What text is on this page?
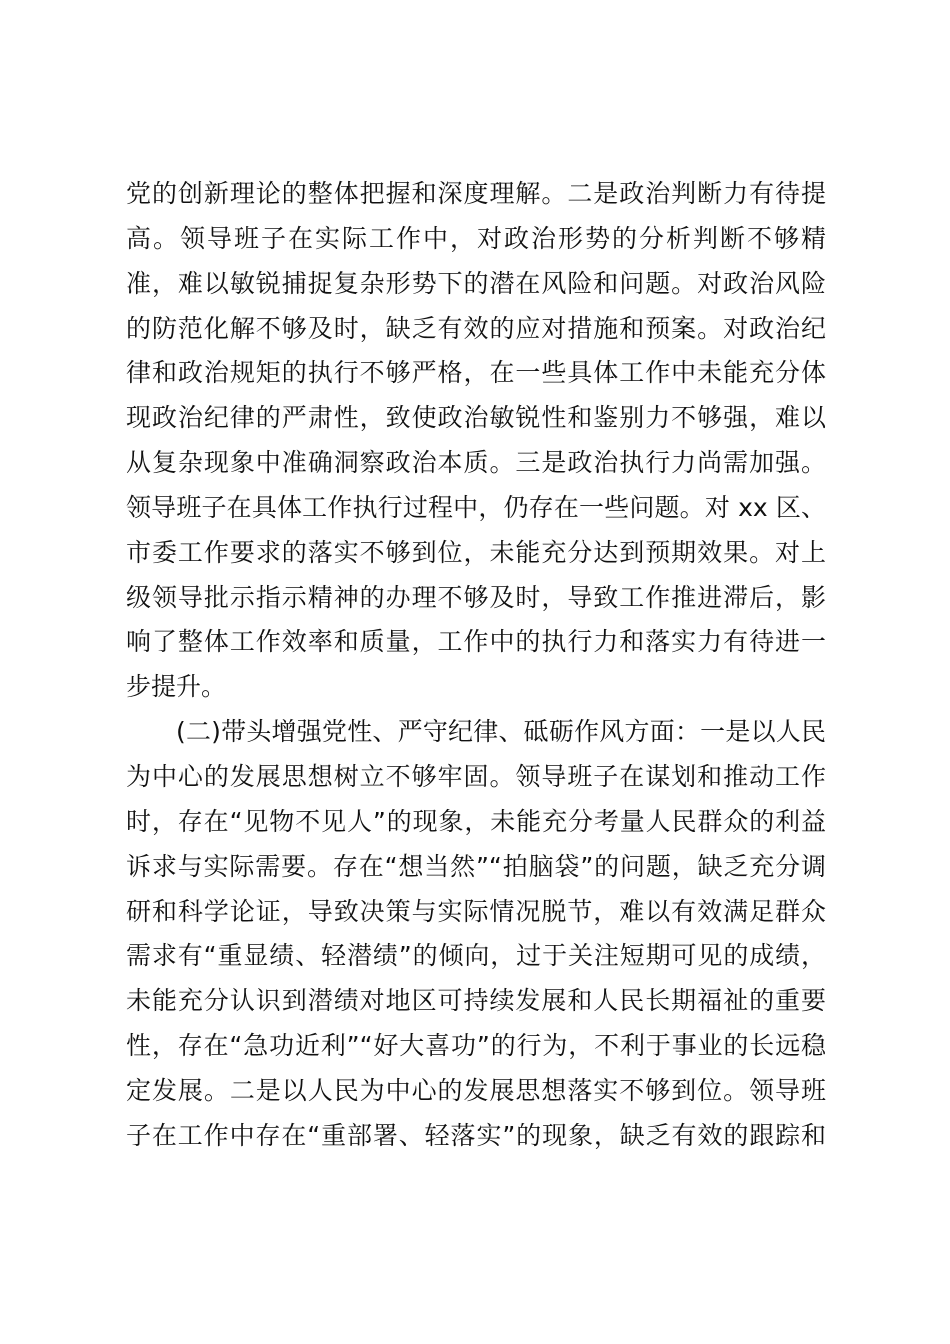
党的创新理论的整体把握和深度理解。二是政治判断力有待提
高。领导班子在实际工作中，对政治形势的分析判断不够精
准，难以敏锐捕捉复杂形势下的潜在风险和问题。对政治风险
的防范化解不够及时，缺乏有效的应对措施和预案。对政治纪
律和政治规矩的执行不够严格，在一些具体工作中未能充分体
现政治纪律的严肃性，致使政治敏锐性和鉴别力不够强，难以
从复杂现象中准确洞察政治本质。三是政治执行力尚需加强。
领导班子在具体工作执行过程中，仍存在一些问题。对 xx 区、
市委工作要求的落实不够到位，未能充分达到预期效果。对上
级领导批示指示精神的办理不够及时，导致工作推进滞后，影
响了整体工作效率和质量，工作中的执行力和落实力有待进一
步提升。
(二)带头增强党性、严守纪律、砥砺作风方面：一是以人民
为中心的发展思想树立不够牢固。领导班子在谋划和推动工作
时，存在“见物不见人”的现象，未能充分考量人民群众的利益
诉求与实际需要。存在“想当然”“拍脑袋”的问题，缺乏充分调
研和科学论证，导致决策与实际情况脱节，难以有效满足群众
需求有“重显绩、轻潜绩”的倾向，过于关注短期可见的成绩，
未能充分认识到潜绩对地区可持续发展和人民长期福祉的重要
性，存在“急功近利”“好大喜功”的行为，不利于事业的长远稳
定发展。二是以人民为中心的发展思想落实不够到位。领导班
子在工作中存在“重部署、轻落实”的现象，缺乏有效的跟踪和
